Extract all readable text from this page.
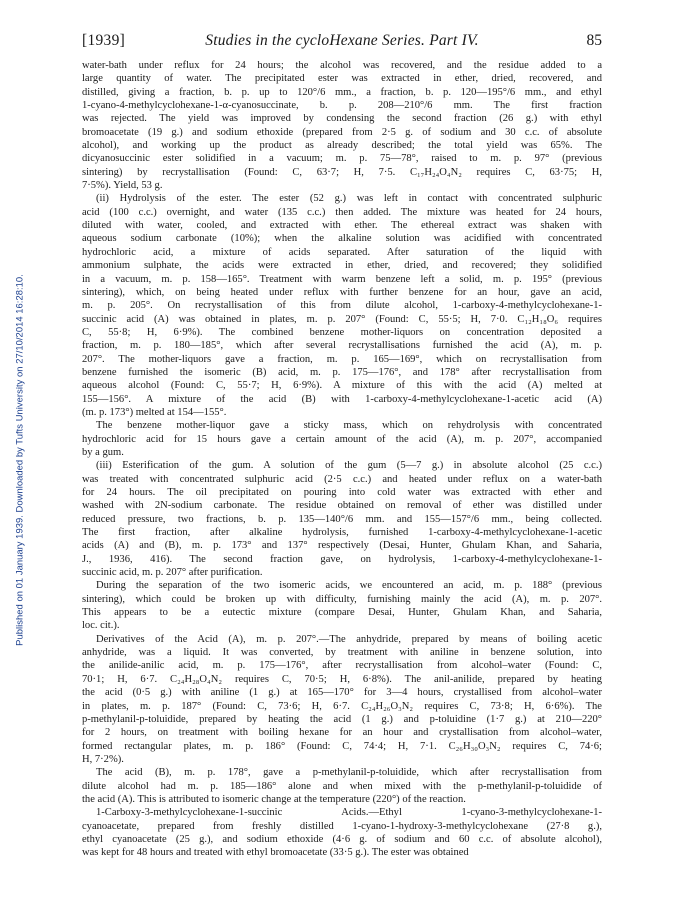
Published on 01 January 1939. Downloaded by Tufts University on 27/10/2014 16:28:10.
[1939]	Studies in the cycloHexane Series. Part IV.	85

water-bath under reflux for 24 hours; the alcohol was recovered, and the residue added to a

large quantity of water. The precipitated ester was extracted in ether, dried, recovered, and

distilled, giving a fraction, b. p. up to 120°/6 mm., a fraction, b. p. 120—195°/6 mm., and ethyl

1-cyano-4-methylcyclohexane-1-α-cyanosuccinate, b. p. 208—210°/6 mm. The first fraction

was rejected. The yield was improved by condensing the second fraction (26 g.) with ethyl

bromoacetate (19 g.) and sodium ethoxide (prepared from 2·5 g. of sodium and 30 c.c. of absolute

alcohol), and working up the product as already described; the total yield was 65%. The

dicyanosuccinic ester solidified in a vacuum; m. p. 75—78°, raised to m. p. 97° (previous

sintering) by recrystallisation (Found: C, 63·7; H, 7·5. C₁₇H₂₄O₄N₂ requires C, 63·75; H,

7·5%). Yield, 53 g.

(ii) Hydrolysis of the ester. The ester (52 g.) was left in contact with concentrated sulphuric

acid (100 c.c.) overnight, and water (135 c.c.) then added. The mixture was heated for 24 hours,

diluted with water, cooled, and extracted with ether. The ethereal extract was shaken with

aqueous sodium carbonate (10%); when the alkaline solution was acidified with concentrated

hydrochloric acid, a mixture of acids separated. After saturation of the liquid with

ammonium sulphate, the acids were extracted in ether, dried, and recovered; they solidified

in a vacuum, m. p. 158—165°. Treatment with warm benzene left a solid, m. p. 195° (previous

sintering), which, on being heated under reflux with further benzene for an hour, gave an acid,

m. p. 205°. On recrystallisation of this from dilute alcohol, 1-carboxy-4-methylcyclohexane-1-

succinic acid (A) was obtained in plates, m. p. 207° (Found: C, 55·5; H, 7·0. C₁₂H₁₈O₆ requires

C, 55·8; H, 6·9%). The combined benzene mother-liquors on concentration deposited a

fraction, m. p. 180—185°, which after several recrystallisations furnished the acid (A), m. p.

207°. The mother-liquors gave a fraction, m. p. 165—169°, which on recrystallisation from

benzene furnished the isomeric (B) acid, m. p. 175—176°, and 178° after recrystallisation from

aqueous alcohol (Found: C, 55·7; H, 6·9%). A mixture of this with the acid (A) melted at

155—156°. A mixture of the acid (B) with 1-carboxy-4-methylcyclohexane-1-acetic acid (A)

(m. p. 173°) melted at 154—155°.

The benzene mother-liquor gave a sticky mass, which on rehydrolysis with concentrated

hydrochloric acid for 15 hours gave a certain amount of the acid (A), m. p. 207°, accompanied

by a gum.

(iii) Esterification of the gum. A solution of the gum (5—7 g.) in absolute alcohol (25 c.c.)

was treated with concentrated sulphuric acid (2·5 c.c.) and heated under reflux on a water-bath

for 24 hours. The oil precipitated on pouring into cold water was extracted with ether and

washed with 2N-sodium carbonate. The residue obtained on removal of ether was distilled under

reduced pressure, two fractions, b. p. 135—140°/6 mm. and 155—157°/6 mm., being collected.

The first fraction, after alkaline hydrolysis, furnished 1-carboxy-4-methylcyclohexane-1-acetic

acids (A) and (B), m. p. 173° and 137° respectively (Desai, Hunter, Ghulam Khan, and Saharia,

J., 1936, 416). The second fraction gave, on hydrolysis, 1-carboxy-4-methylcyclohexane-1-

succinic acid, m. p. 207° after purification.

During the separation of the two isomeric acids, we encountered an acid, m. p. 188° (previous

sintering), which could be broken up with difficulty, furnishing mainly the acid (A), m. p. 207°.

This appears to be a eutectic mixture (compare Desai, Hunter, Ghulam Khan, and Saharia,

loc. cit.).

Derivatives of the Acid (A), m. p. 207°.—The anhydride, prepared by means of boiling acetic

anhydride, was a liquid. It was converted, by treatment with aniline in benzene solution, into

the anilide-anilic acid, m. p. 175—176°, after recrystallisation from alcohol–water (Found: C,

70·1; H, 6·7. C₂₄H₂₈O₄N₂ requires C, 70·5; H, 6·8%). The anil-anilide, prepared by heating

the acid (0·5 g.) with aniline (1 g.) at 165—170° for 3—4 hours, crystallised from alcohol–water

in plates, m. p. 187° (Found: C, 73·6; H, 6·7. C₂₄H₂₆O₃N₂ requires C, 73·8; H, 6·6%). The

p-methylanil-p-toluidide, prepared by heating the acid (1 g.) and p-toluidine (1·7 g.) at 210—220°

for 2 hours, on treatment with boiling hexane for an hour and crystallisation from alcohol–water,

formed rectangular plates, m. p. 186° (Found: C, 74·4; H, 7·1. C₂₆H₃₀O₃N₂ requires C, 74·6;

H, 7·2%).

The acid (B), m. p. 178°, gave a p-methylanil-p-toluidide, which after recrystallisation from

dilute alcohol had m. p. 185—186° alone and when mixed with the p-methylanil-p-toluidide of

the acid (A). This is attributed to isomeric change at the temperature (220°) of the reaction.

1-Carboxy-3-methylcyclohexane-1-succinic Acids.—Ethyl 1-cyano-3-methylcyclohexane-1-

cyanoacetate, prepared from freshly distilled 1-cyano-1-hydroxy-3-methylcyclohexane (27·8 g.),

ethyl cyanoacetate (25 g.), and sodium ethoxide (4·6 g. of sodium and 60 c.c. of absolute alcohol),

was kept for 48 hours and treated with ethyl bromoacetate (33·5 g.). The ester was obtained
